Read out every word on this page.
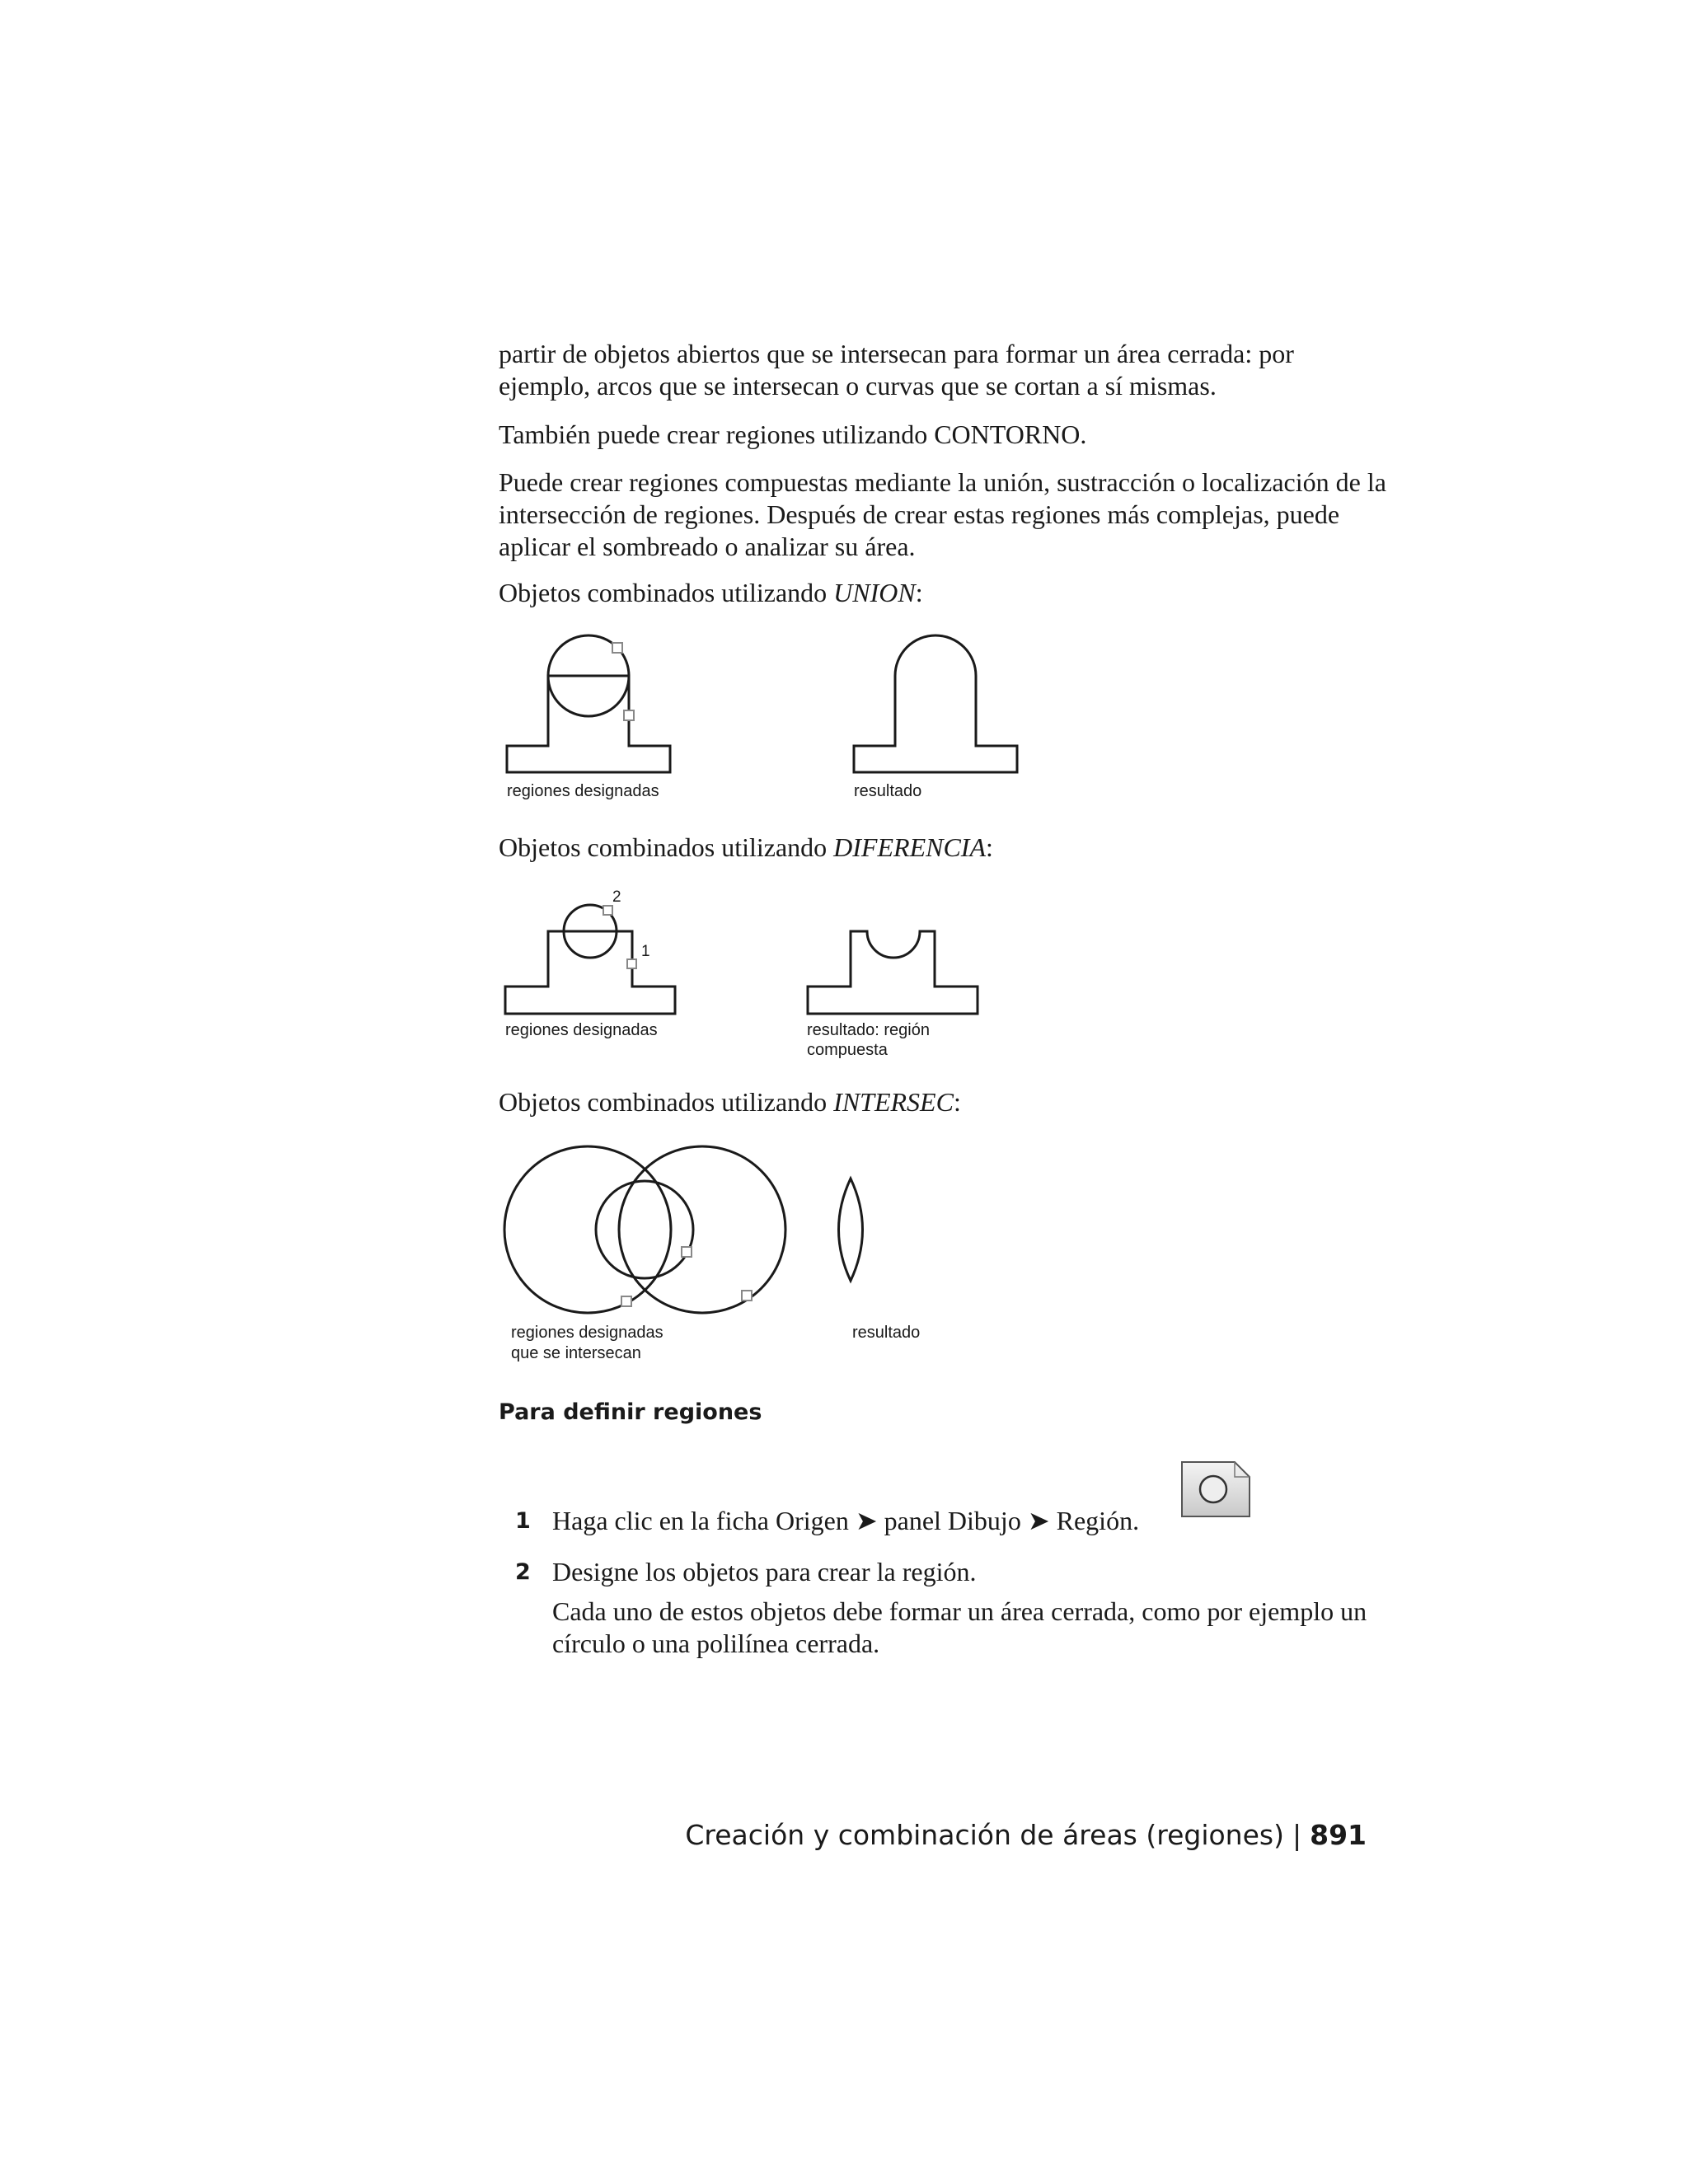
partir de objetos abiertos que se intersecan para formar un área cerrada: por ejemplo, arcos que se intersecan o curvas que se cortan a sí mismas.

También puede crear regiones utilizando CONTORNO.

Puede crear regiones compuestas mediante la unión, sustracción o localización de la intersección de regiones. Después de crear estas regiones más complejas, puede aplicar el sombreado o analizar su área.

Objetos combinados utilizando UNION:

regiones designadas	resultado

Objetos combinados utilizando DIFERENCIA:

2
1

regiones designadas	resultado: región

compuesta

Objetos combinados utilizando INTERSEC:

regiones designadas

que se intersecan

resultado

Para definir regiones

1 Haga clic en la ficha Origen ➤ panel Dibujo ➤ Región.
2 Designe los objetos para crear la región.
Cada uno de estos objetos debe formar un área cerrada, como por ejemplo un círculo o una polilínea cerrada.
Creación y combinación de áreas (regiones) | 891
